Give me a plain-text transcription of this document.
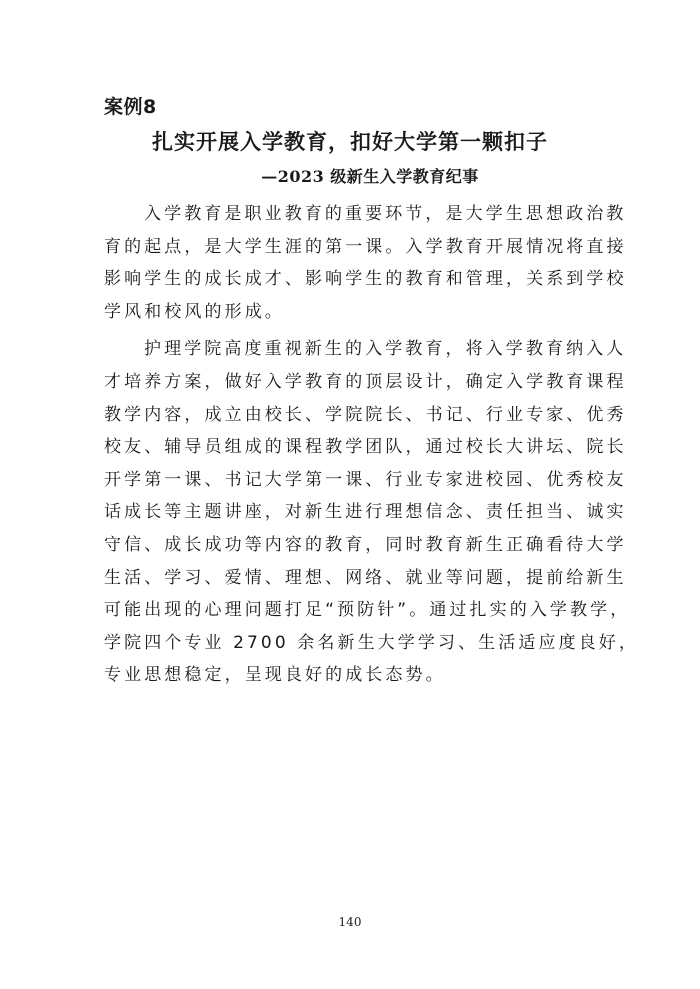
案例8
扎实开展入学教育，扣好大学第一颗扣子
—2023 级新生入学教育纪事
入学教育是职业教育的重要环节，是大学生思想政治教
育的起点，是大学生涯的第一课。入学教育开展情况将直接
影响学生的成长成才、影响学生的教育和管理，关系到学校
学风和校风的形成。
护理学院高度重视新生的入学教育，将入学教育纳入人
才培养方案，做好入学教育的顶层设计，确定入学教育课程
教学内容，成立由校长、学院院长、书记、行业专家、优秀
校友、辅导员组成的课程教学团队，通过校长大讲坛、院长
开学第一课、书记大学第一课、行业专家进校园、优秀校友
话成长等主题讲座，对新生进行理想信念、责任担当、诚实
守信、成长成功等内容的教育，同时教育新生正确看待大学
生活、学习、爱情、理想、网络、就业等问题，提前给新生
可能出现的心理问题打足“预防针”。通过扎实的入学教学，
学院四个专业 2700 余名新生大学学习、生活适应度良好，
专业思想稳定，呈现良好的成长态势。
140
